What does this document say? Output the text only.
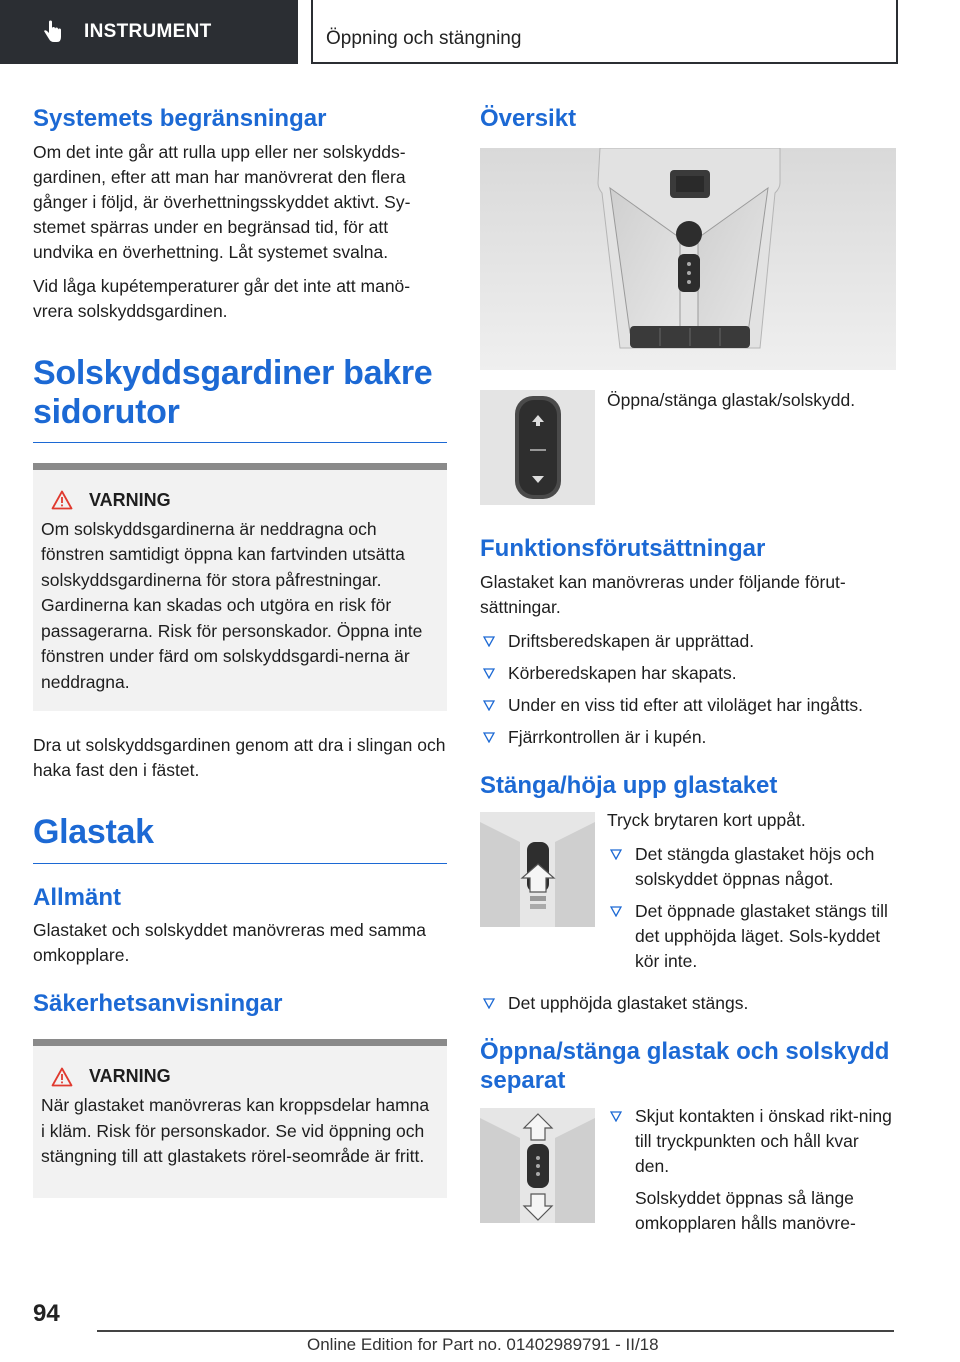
INSTRUMENT	Öppning och stängning
Systemets begränsningar

Om det inte går att rulla upp eller ner solskydds-gardinen, efter att man har manövrerat den flera gånger i följd, är överhettningsskyddet aktivt. Sy-stemet spärras under en begränsad tid, för att undvika en överhettning. Låt systemet svalna.

Vid låga kupétemperaturer går det inte att manö-vrera solskyddsgardinen.

Solskyddsgardiner bakre sidorutor
VARNING

Om solskyddsgardinerna är neddragna och fönstren samtidigt öppna kan fartvinden utsätta solskyddsgardinerna för stora påfrestningar. Gardinerna kan skadas och utgöra en risk för passagerarna. Risk för personskador. Öppna inte fönstren under färd om solskyddsgardi-nerna är neddragna.

Dra ut solskyddsgardinen genom att dra i slingan och haka fast den i fästet.

Glastak
Allmänt

Glastaket och solskyddet manövreras med samma omkopplare.

Säkerhetsanvisningar
VARNING

När glastaket manövreras kan kroppsdelar hamna i kläm. Risk för personskador. Se vid öppning och stängning till att glastakets rörel-seområde är fritt.

Översikt

Öppna/stänga glastak/solskydd.

Funktionsförutsättningar

Glastaket kan manövreras under följande förut-sättningar.

Driftsberedskapen är upprättad.
Körberedskapen har skapats.
Under en viss tid efter att viloläget har ingåtts.
Fjärrkontrollen är i kupén.
Stänga/höja upp glastaket

Tryck brytaren kort uppåt.

Det stängda glastaket höjs och solskyddet öppnas något.
Det öppnade glastaket stängs till det upphöjda läget. Sols-kyddet kör inte.
Det upphöjda glastaket stängs.
Öppna/stänga glastak och solskydd separat
Skjut kontakten i önskad rikt-ning till tryckpunkten och håll kvar den.

Solskyddet öppnas så länge omkopplaren hålls manövre-

94
Online Edition for Part no. 01402989791 - II/18
